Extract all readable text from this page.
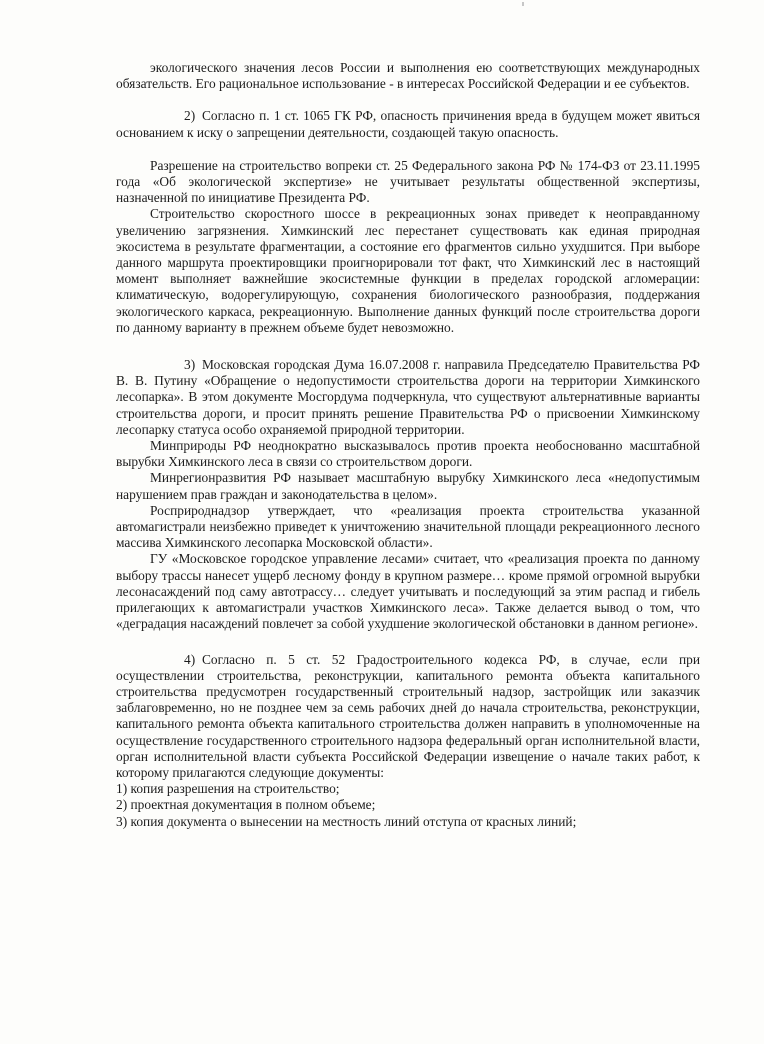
экологического значения лесов России и выполнения ею соответствующих международных обязательств. Его рациональное использование - в интересах Российской Федерации и ее субъектов.

2) Согласно п. 1 ст. 1065 ГК РФ, опасность причинения вреда в будущем может явиться основанием к иску о запрещении деятельности, создающей такую опасность.

Разрешение на строительство вопреки ст. 25 Федерального закона РФ № 174-ФЗ от 23.11.1995 года «Об экологической экспертизе» не учитывает результаты общественной экспертизы, назначенной по инициативе Президента РФ.

Строительство скоростного шоссе в рекреационных зонах приведет к неоправданному увеличению загрязнения. Химкинский лес перестанет существовать как единая природная экосистема в результате фрагментации, а состояние его фрагментов сильно ухудшится. При выборе данного маршрута проектировщики проигнорировали тот факт, что Химкинский лес в настоящий момент выполняет важнейшие экосистемные функции в пределах городской агломерации: климатическую, водорегулирующую, сохранения биологического разнообразия, поддержания экологического каркаса, рекреационную. Выполнение данных функций после строительства дороги по данному варианту в прежнем объеме будет невозможно.

3) Московская городская Дума 16.07.2008 г. направила Председателю Правительства РФ В. В. Путину «Обращение о недопустимости строительства дороги на территории Химкинского лесопарка». В этом документе Мосгордума подчеркнула, что существуют альтернативные варианты строительства дороги, и просит принять решение Правительства РФ о присвоении Химкинскому лесопарку статуса особо охраняемой природной территории.

Минприроды РФ неоднократно высказывалось против проекта необоснованно масштабной вырубки Химкинского леса в связи со строительством дороги.

Минрегионразвития РФ называет масштабную вырубку Химкинского леса «недопустимым нарушением прав граждан и законодательства в целом».

Росприроднадзор утверждает, что «реализация проекта строительства указанной автомагистрали неизбежно приведет к уничтожению значительной площади рекреационного лесного массива Химкинского лесопарка Московской области».

ГУ «Московское городское управление лесами» считает, что «реализация проекта по данному выбору трассы нанесет ущерб лесному фонду в крупном размере… кроме прямой огромной вырубки лесонасаждений под саму автотрассу… следует учитывать и последующий за этим распад и гибель прилегающих к автомагистрали участков Химкинского леса». Также делается вывод о том, что «деградация насаждений повлечет за собой ухудшение экологической обстановки в данном регионе».

4) Согласно п. 5 ст. 52 Градостроительного кодекса РФ, в случае, если при осуществлении строительства, реконструкции, капитального ремонта объекта капитального строительства предусмотрен государственный строительный надзор, застройщик или заказчик заблаговременно, но не позднее чем за семь рабочих дней до начала строительства, реконструкции, капитального ремонта объекта капитального строительства должен направить в уполномоченные на осуществление государственного строительного надзора федеральный орган исполнительной власти, орган исполнительной власти субъекта Российской Федерации извещение о начале таких работ, к которому прилагаются следующие документы:

1) копия разрешения на строительство;

2) проектная документация в полном объеме;

3) копия документа о вынесении на местность линий отступа от красных линий;
